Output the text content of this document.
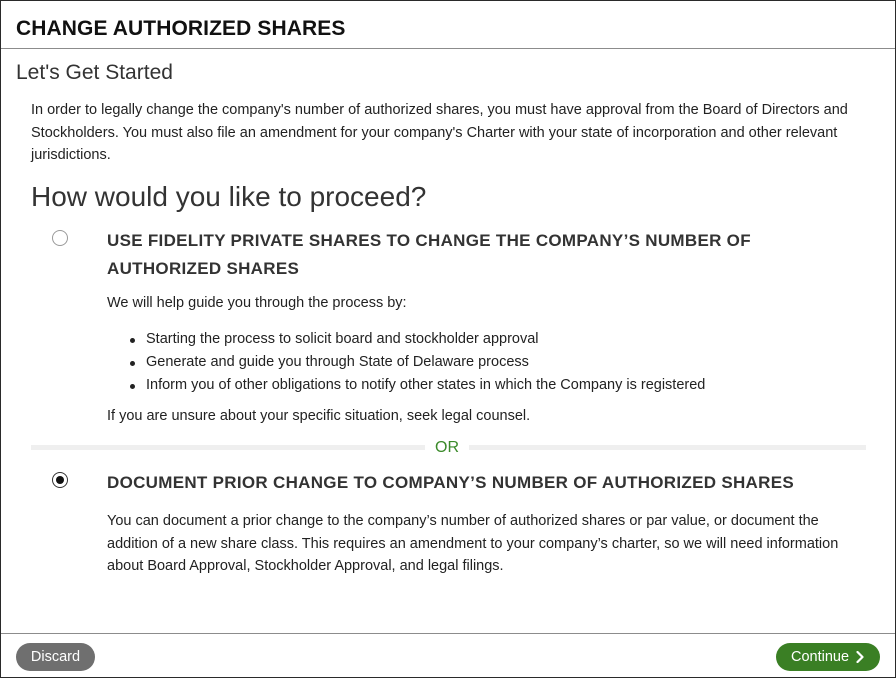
CHANGE AUTHORIZED SHARES
Let's Get Started

In order to legally change the company's number of authorized shares, you must have approval from the Board of Directors and Stockholders. You must also file an amendment for your company's Charter with your state of incorporation and other relevant jurisdictions.

How would you like to proceed?
USE FIDELITY PRIVATE SHARES TO CHANGE THE COMPANY’S NUMBER OF AUTHORIZED SHARES

We will help guide you through the process by:

Starting the process to solicit board and stockholder approval
Generate and guide you through State of Delaware process
Inform you of other obligations to notify other states in which the Company is registered

If you are unsure about your specific situation, seek legal counsel.

OR
DOCUMENT PRIOR CHANGE TO COMPANY’S NUMBER OF AUTHORIZED SHARES

You can document a prior change to the company’s number of authorized shares or par value, or document the addition of a new share class. This requires an amendment to your company’s charter, so we will need information about Board Approval, Stockholder Approval, and legal filings.

Discard	Continue
